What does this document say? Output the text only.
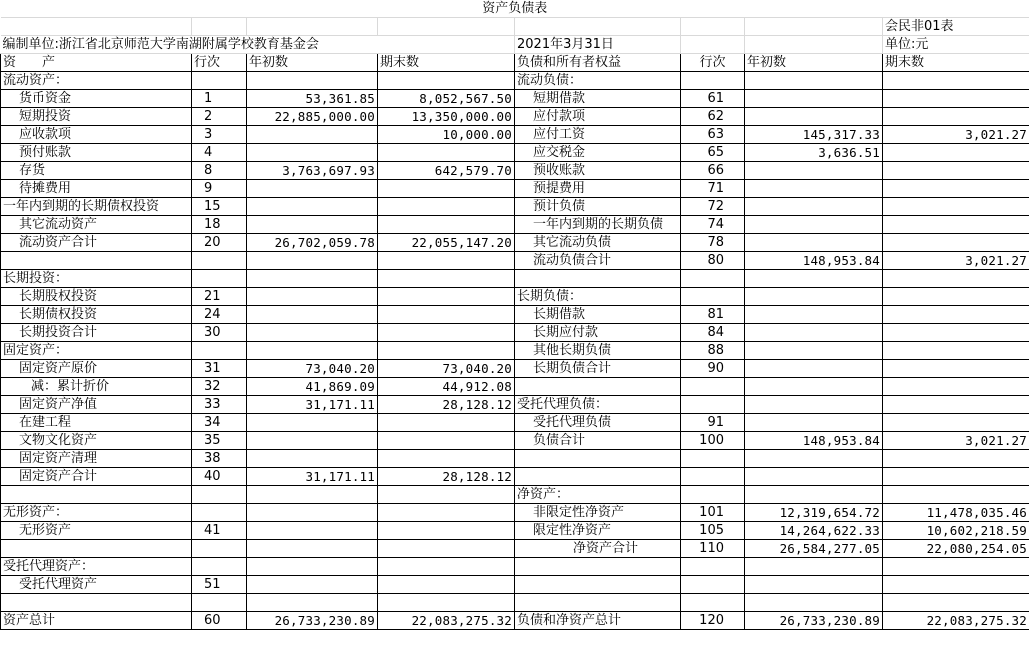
资产负债表							
							会民非01表
编制单位:浙江省北京师范大学南湖附属学校教育基金会				2021年3月31日			单位:元
资　　产	行次	年初数	期末数	负债和所有者权益	行次	年初数	期末数
流动资产：				流动负债：			
货币资金	1	53,361.85	8,052,567.50	短期借款	61		
短期投资	2	22,885,000.00	13,350,000.00	应付款项	62		
应收款项	3		10,000.00	应付工资	63	145,317.33	3,021.27
预付账款	4			应交税金	65	3,636.51	
存货	8	3,763,697.93	642,579.70	预收账款	66		
待摊费用	9			预提费用	71		
一年内到期的长期债权投资	15			预计负债	72		
其它流动资产	18			一年内到期的长期负债	74		
流动资产合计	20	26,702,059.78	22,055,147.20	其它流动负债	78		
				流动负债合计	80	148,953.84	3,021.27
长期投资：							
长期股权投资	21			长期负债：			
长期债权投资	24			长期借款	81		
长期投资合计	30			长期应付款	84		
固定资产：				其他长期负债	88		
固定资产原价	31	73,040.20	73,040.20	长期负债合计	90		
减：累计折价	32	41,869.09	44,912.08				
固定资产净值	33	31,171.11	28,128.12	受托代理负债：			
在建工程	34			受托代理负债	91		
文物文化资产	35			负债合计	100	148,953.84	3,021.27
固定资产清理	38						
固定资产合计	40	31,171.11	28,128.12				
				净资产：			
无形资产：				非限定性净资产	101	12,319,654.72	11,478,035.46
无形资产	41			限定性净资产	105	14,264,622.33	10,602,218.59
				净资产合计	110	26,584,277.05	22,080,254.05
受托代理资产：							
受托代理资产	51						

资产总计	60	26,733,230.89	22,083,275.32	负债和净资产总计	120	26,733,230.89	22,083,275.32
